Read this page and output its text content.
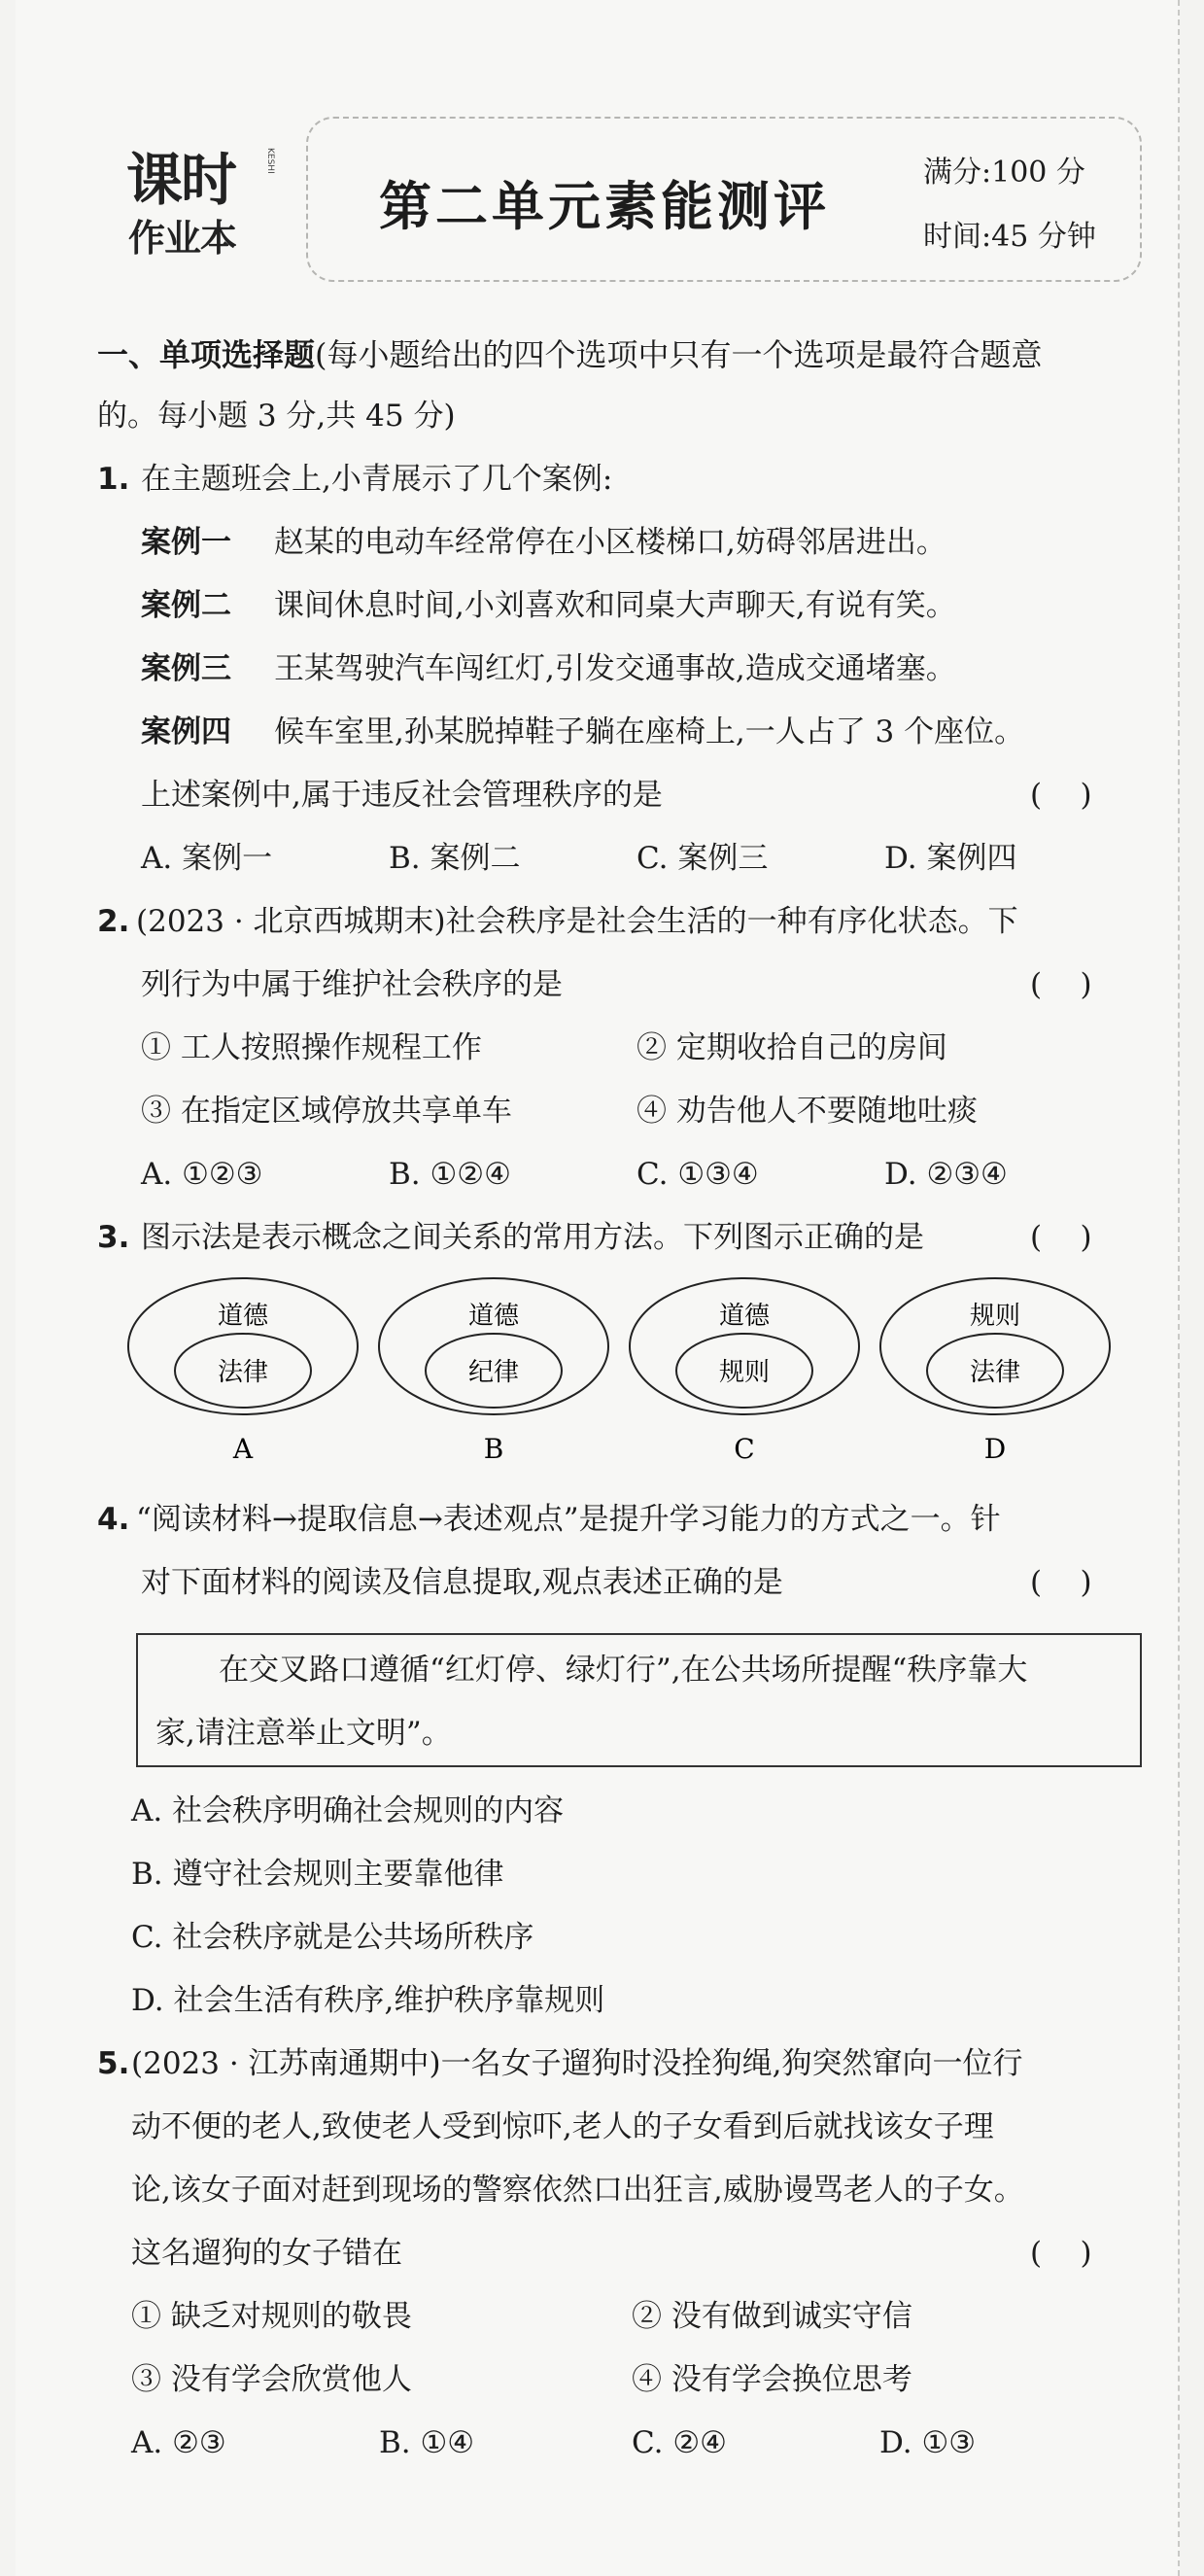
课时
作业本
KESHI
第二单元素能测评
满分:100 分
时间:45 分钟
一、单项选择题(每小题给出的四个选项中只有一个选项是最符合题意
的。每小题 3 分,共 45 分)
1. 在主题班会上,小青展示了几个案例:
案例一 赵某的电动车经常停在小区楼梯口,妨碍邻居进出。
案例二 课间休息时间,小刘喜欢和同桌大声聊天,有说有笑。
案例三 王某驾驶汽车闯红灯,引发交通事故,造成交通堵塞。
案例四 候车室里,孙某脱掉鞋子躺在座椅上,一人占了 3 个座位。
上述案例中,属于违反社会管理秩序的是	(    )
A. 案例一	B. 案例二	C. 案例三	D. 案例四
2. (2023 · 北京西城期末)社会秩序是社会生活的一种有序化状态。下
列行为中属于维护社会秩序的是	(    )
① 工人按照操作规程工作	② 定期收拾自己的房间
③ 在指定区域停放共享单车	④ 劝告他人不要随地吐痰
A. ①②③	B. ①②④	C. ①③④	D. ②③④
3. 图示法是表示概念之间关系的常用方法。下列图示正确的是	(    )
道德
法律
A
道德
纪律
B
道德
规则
C
规则
法律
D
4. “阅读材料→提取信息→表述观点”是提升学习能力的方式之一。针
对下面材料的阅读及信息提取,观点表述正确的是	(    )
在交叉路口遵循“红灯停、绿灯行”,在公共场所提醒“秩序靠大
家,请注意举止文明”。
A. 社会秩序明确社会规则的内容
B. 遵守社会规则主要靠他律
C. 社会秩序就是公共场所秩序
D. 社会生活有秩序,维护秩序靠规则
5. (2023 · 江苏南通期中)一名女子遛狗时没拴狗绳,狗突然窜向一位行
动不便的老人,致使老人受到惊吓,老人的子女看到后就找该女子理
论,该女子面对赶到现场的警察依然口出狂言,威胁谩骂老人的子女。
这名遛狗的女子错在	(    )
① 缺乏对规则的敬畏	② 没有做到诚实守信
③ 没有学会欣赏他人	④ 没有学会换位思考
A. ②③	B. ①④	C. ②④	D. ①③
